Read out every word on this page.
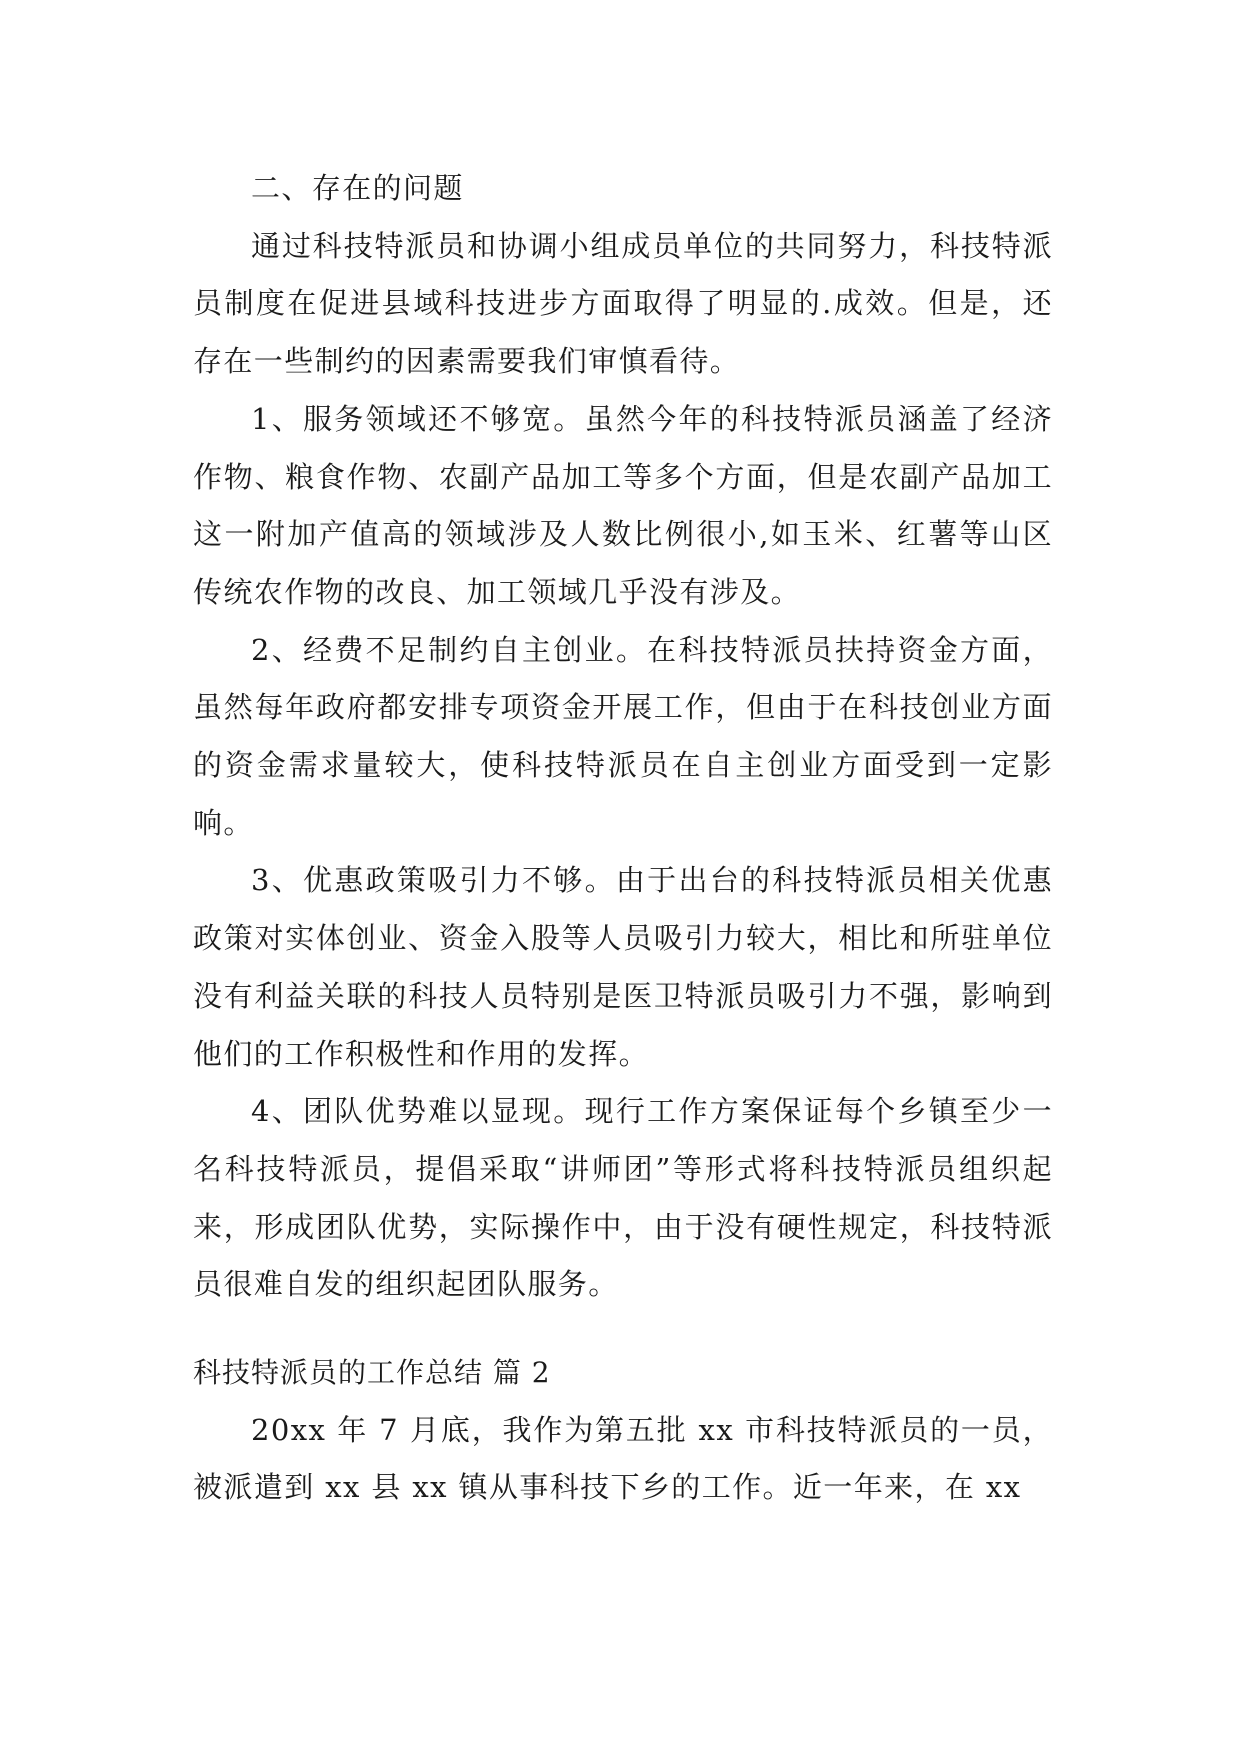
二、存在的问题

通过科技特派员和协调小组成员单位的共同努力，科技特派员制度在促进县域科技进步方面取得了明显的.成效。但是，还存在一些制约的因素需要我们审慎看待。

1、服务领域还不够宽。虽然今年的科技特派员涵盖了经济作物、粮食作物、农副产品加工等多个方面，但是农副产品加工这一附加产值高的领域涉及人数比例很小,如玉米、红薯等山区传统农作物的改良、加工领域几乎没有涉及。

2、经费不足制约自主创业。在科技特派员扶持资金方面，虽然每年政府都安排专项资金开展工作，但由于在科技创业方面的资金需求量较大，使科技特派员在自主创业方面受到一定影响。

3、优惠政策吸引力不够。由于出台的科技特派员相关优惠政策对实体创业、资金入股等人员吸引力较大，相比和所驻单位没有利益关联的科技人员特别是医卫特派员吸引力不强，影响到他们的工作积极性和作用的发挥。

4、团队优势难以显现。现行工作方案保证每个乡镇至少一名科技特派员，提倡采取“讲师团”等形式将科技特派员组织起来，形成团队优势，实际操作中，由于没有硬性规定，科技特派员很难自发的组织起团队服务。

科技特派员的工作总结 篇 2

20xx 年 7 月底，我作为第五批 xx 市科技特派员的一员，被派遣到 xx 县 xx 镇从事科技下乡的工作。近一年来，在 xx
